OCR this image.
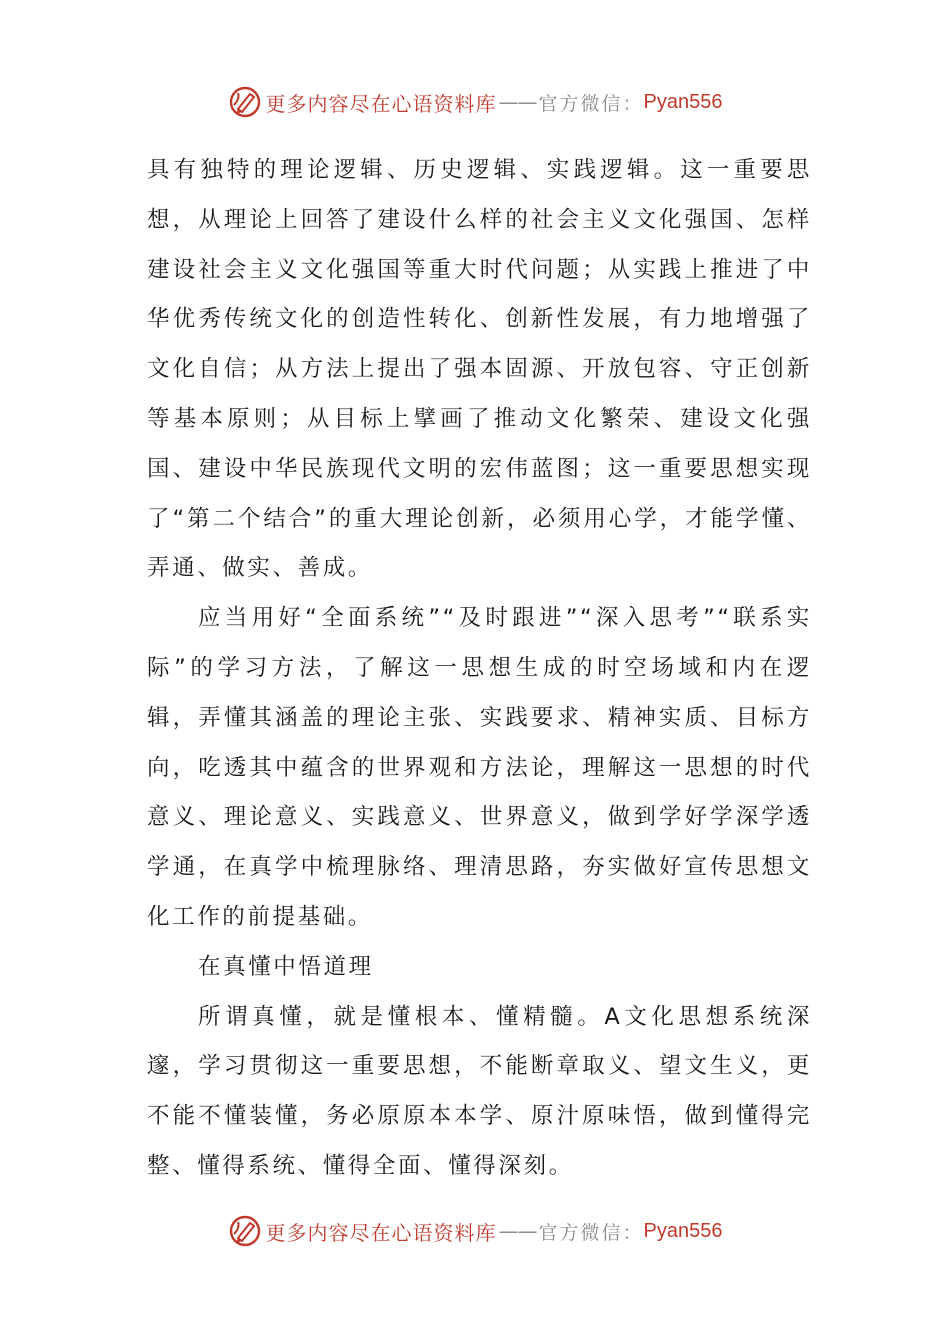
更多内容尽在心语资料库 —— 官方微信： Pyan556

具有独特的理论逻辑、历史逻辑、实践逻辑。这一重要思想，从理论上回答了建设什么样的社会主义文化强国、怎样建设社会主义文化强国等重大时代问题；从实践上推进了中华优秀传统文化的创造性转化、创新性发展，有力地增强了文化自信；从方法上提出了强本固源、开放包容、守正创新等基本原则；从目标上擘画了推动文化繁荣、建设文化强国、建设中华民族现代文明的宏伟蓝图；这一重要思想实现了“第二个结合”的重大理论创新，必须用心学，才能学懂、弄通、做实、善成。

应当用好“全面系统”“及时跟进”“深入思考”“联系实际”的学习方法，了解这一思想生成的时空场域和内在逻辑，弄懂其涵盖的理论主张、实践要求、精神实质、目标方向，吃透其中蕴含的世界观和方法论，理解这一思想的时代意义、理论意义、实践意义、世界意义，做到学好学深学透学通，在真学中梳理脉络、理清思路，夯实做好宣传思想文化工作的前提基础。

在真懂中悟道理

所谓真懂，就是懂根本、懂精髓。A文化思想系统深邃，学习贯彻这一重要思想，不能断章取义、望文生义，更不能不懂装懂，务必原原本本学、原汁原味悟，做到懂得完整、懂得系统、懂得全面、懂得深刻。

更多内容尽在心语资料库 —— 官方微信： Pyan556
